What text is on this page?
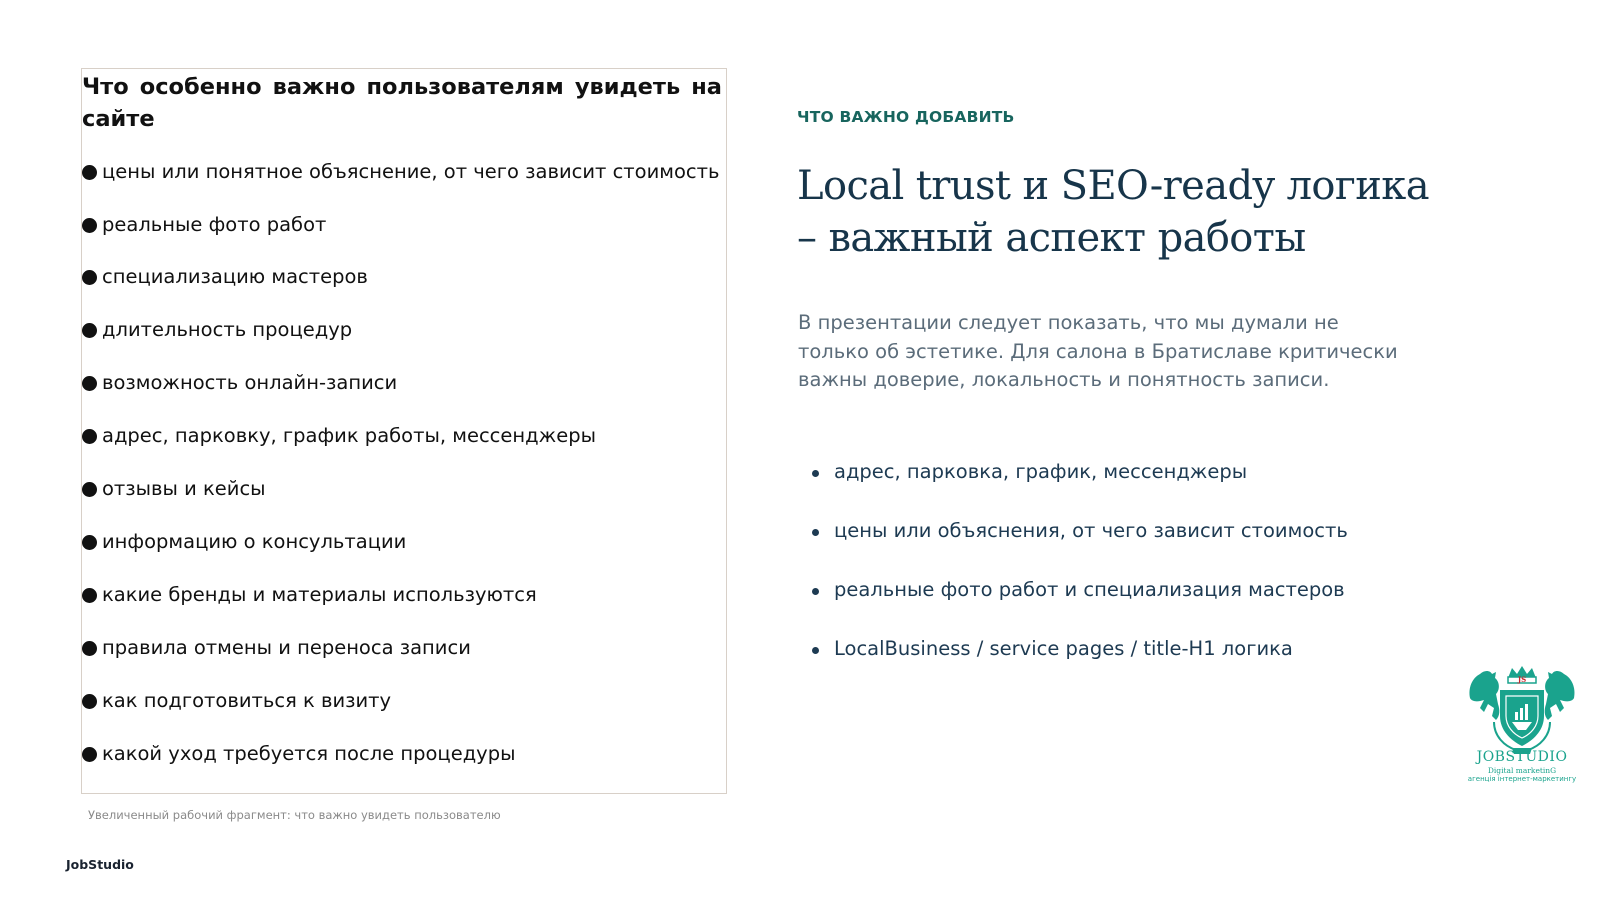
Что особенно важно пользователям увидеть на сайте
цены или понятное объяснение, от чего зависит стоимость
реальные фото работ
специализацию мастеров
длительность процедур
возможность онлайн-записи
адрес, парковку, график работы, мессенджеры
отзывы и кейсы
информацию о консультации
какие бренды и материалы используются
правила отмены и переноса записи
как подготовиться к визиту
какой уход требуется после процедуры
Увеличенный рабочий фрагмент: что важно увидеть пользователю
JobStudio
ЧТО ВАЖНО ДОБАВИТЬ
Local trust и SEO-ready логика
– важный аспект работы

В презентации следует показать, что мы думали не только об эстетике. Для салона в Братиславе критически важны доверие, локальность и понятность записи.

адрес, парковка, график, мессенджеры
цены или объяснения, от чего зависит стоимость
реальные фото работ и специализация мастеров
LocalBusiness / service pages / title-H1 логика
JS
JOBSTUDIO
Digital marketinG
агенція інтернет-маркетингу
